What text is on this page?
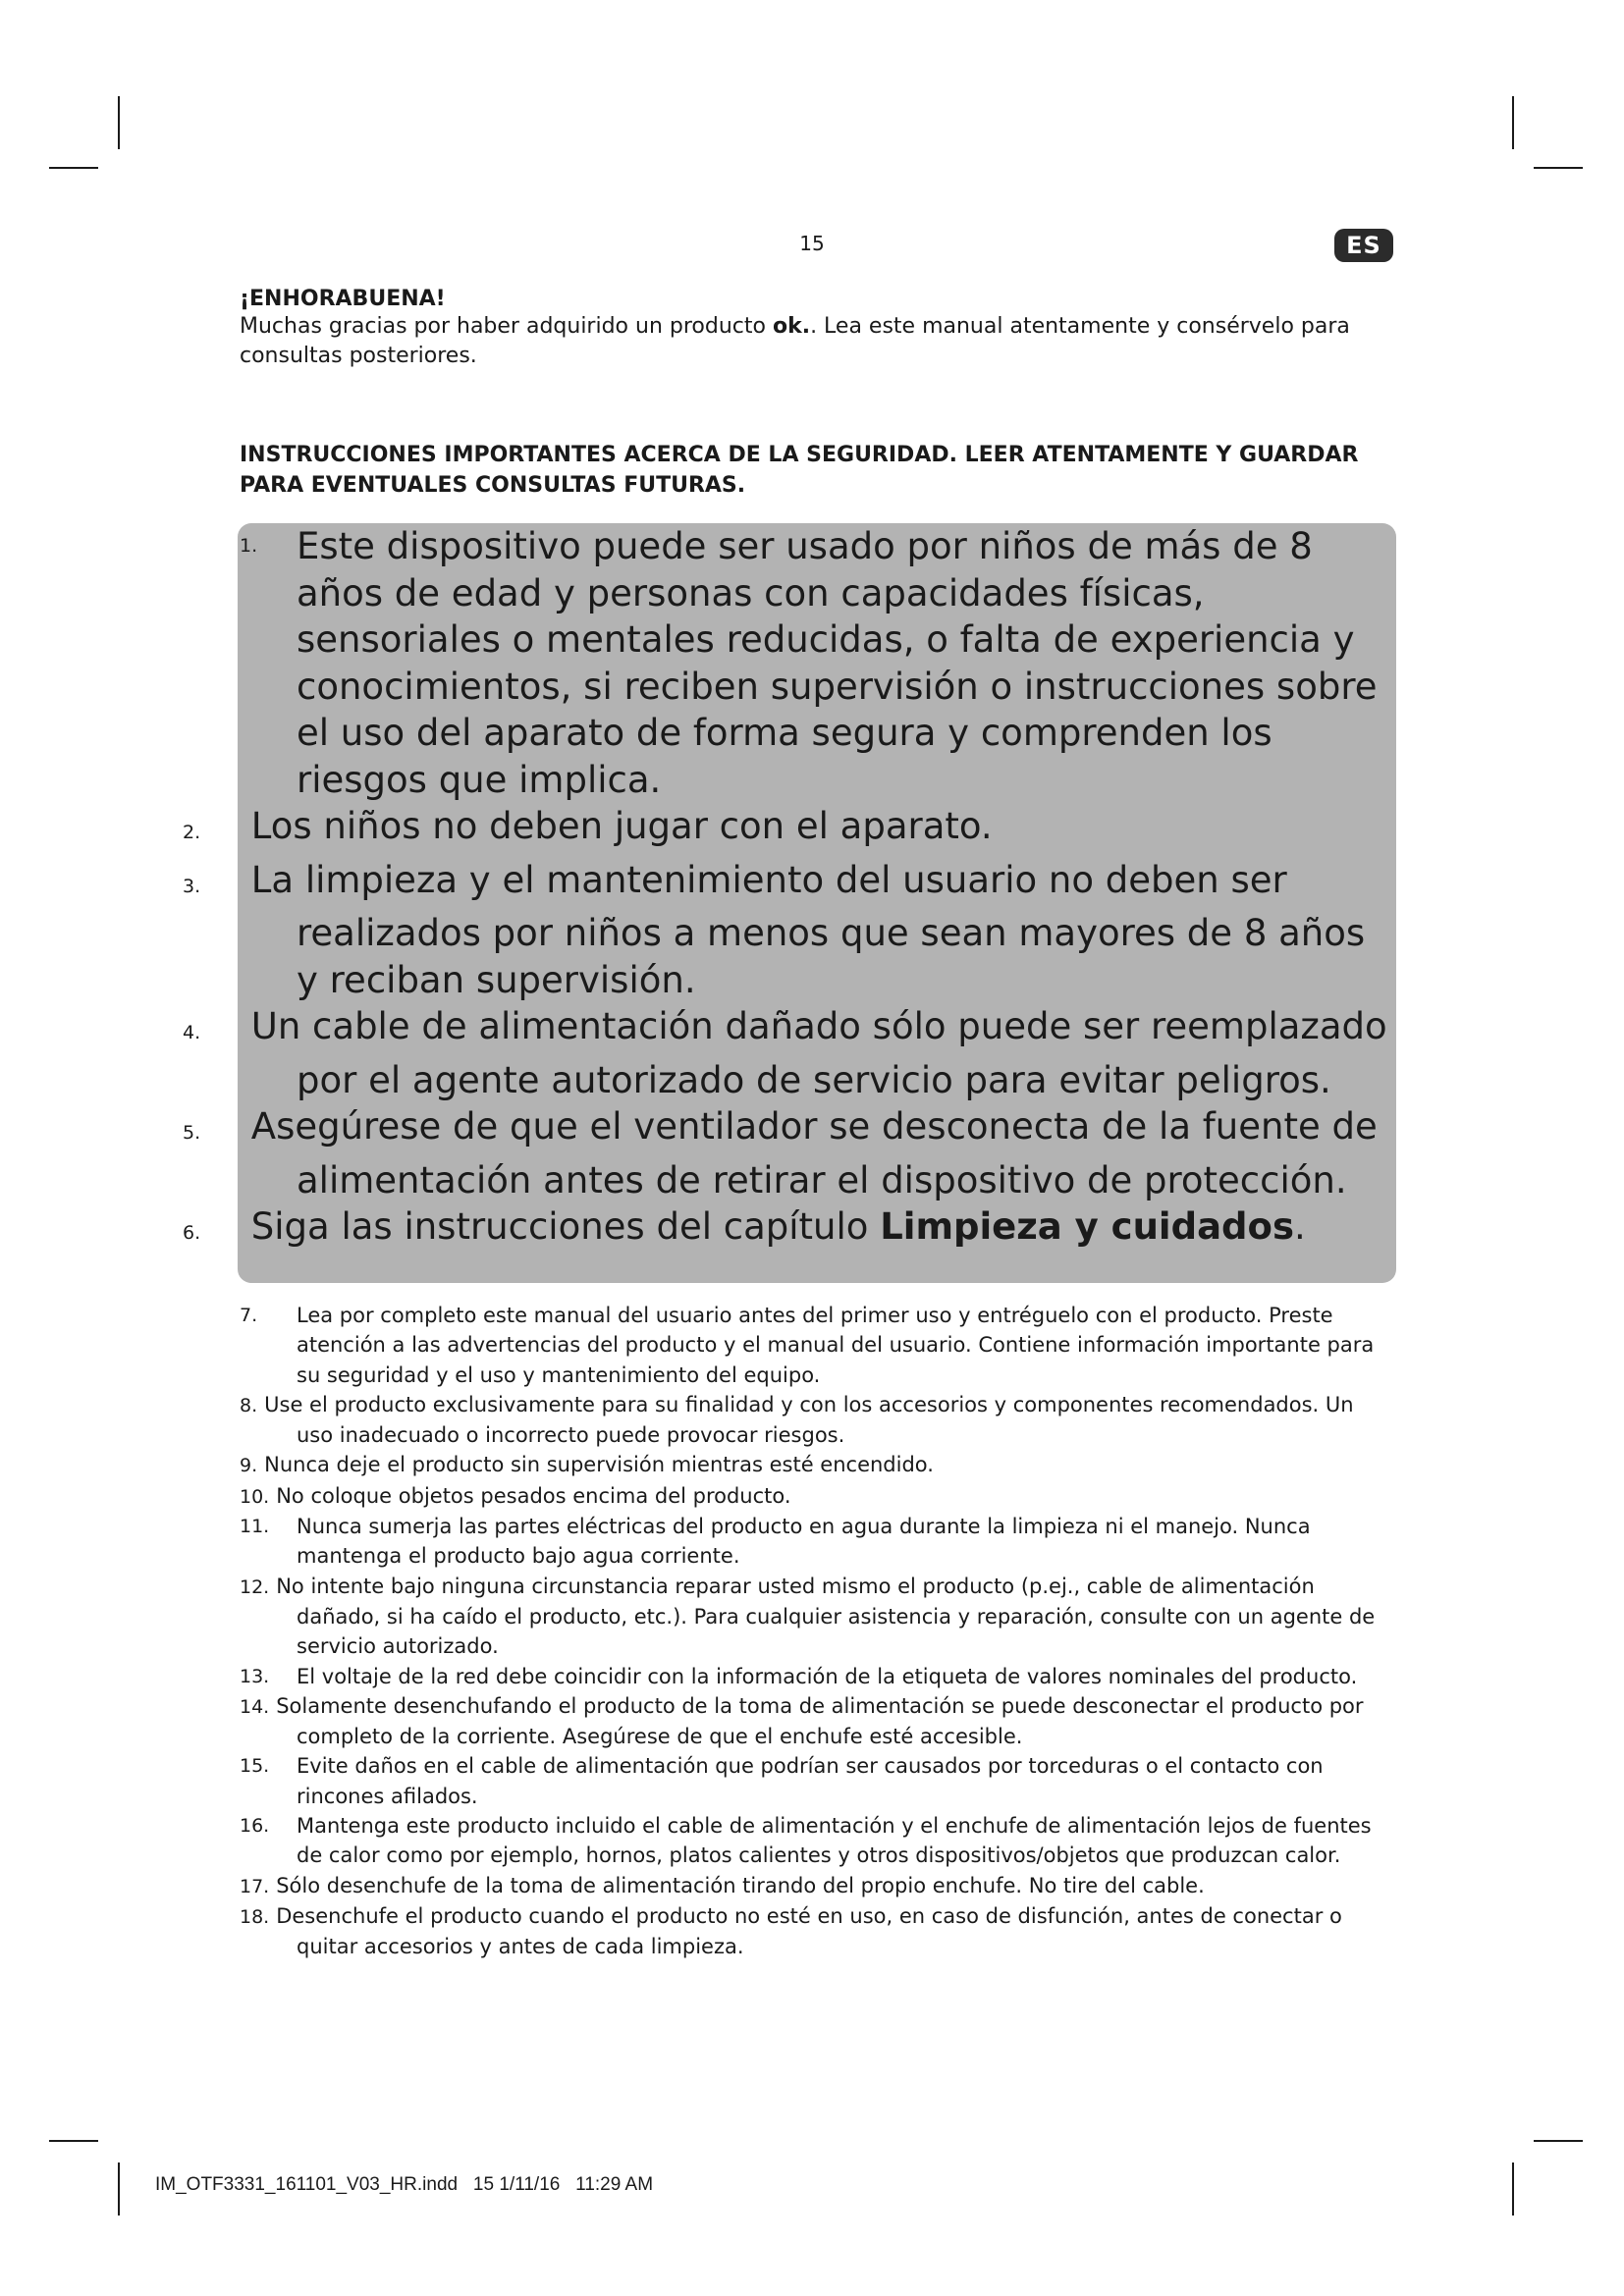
15	ES
¡ENHORABUENA!
Muchas gracias por haber adquirido un producto ok.. Lea este manual atentamente y consérvelo para consultas posteriores.
INSTRUCCIONES IMPORTANTES ACERCA DE LA SEGURIDAD. LEER ATENTAMENTE Y GUARDAR PARA EVENTUALES CONSULTAS FUTURAS.
1. Este dispositivo puede ser usado por niños de más de 8 años de edad y personas con capacidades físicas, sensoriales o mentales reducidas, o falta de experiencia y conocimientos, si reciben supervisión o instrucciones sobre el uso del aparato de forma segura y comprenden los riesgos que implica.
2. Los niños no deben jugar con el aparato.
3. La limpieza y el mantenimiento del usuario no deben ser realizados por niños a menos que sean mayores de 8 años y reciban supervisión.
4. Un cable de alimentación dañado sólo puede ser reemplazado por el agente autorizado de servicio para evitar peligros.
5. Asegúrese de que el ventilador se desconecta de la fuente de alimentación antes de retirar el dispositivo de protección.
6. Siga las instrucciones del capítulo Limpieza y cuidados.
7. Lea por completo este manual del usuario antes del primer uso y entréguelo con el producto. Preste atención a las advertencias del producto y el manual del usuario. Contiene información importante para su seguridad y el uso y mantenimiento del equipo.
8. Use el producto exclusivamente para su finalidad y con los accesorios y componentes recomendados. Un uso inadecuado o incorrecto puede provocar riesgos.
9. Nunca deje el producto sin supervisión mientras esté encendido.
10. No coloque objetos pesados encima del producto.
11. Nunca sumerja las partes eléctricas del producto en agua durante la limpieza ni el manejo. Nunca mantenga el producto bajo agua corriente.
12. No intente bajo ninguna circunstancia reparar usted mismo el producto (p.ej., cable de alimentación dañado, si ha caído el producto, etc.). Para cualquier asistencia y reparación, consulte con un agente de servicio autorizado.
13. El voltaje de la red debe coincidir con la información de la etiqueta de valores nominales del producto.
14. Solamente desenchufando el producto de la toma de alimentación se puede desconectar el producto por completo de la corriente. Asegúrese de que el enchufe esté accesible.
15. Evite daños en el cable de alimentación que podrían ser causados por torceduras o el contacto con rincones afilados.
16. Mantenga este producto incluido el cable de alimentación y el enchufe de alimentación lejos de fuentes de calor como por ejemplo, hornos, platos calientes y otros dispositivos/objetos que produzcan calor.
17. Sólo desenchufe de la toma de alimentación tirando del propio enchufe. No tire del cable.
18. Desenchufe el producto cuando el producto no esté en uso, en caso de disfunción, antes de conectar o quitar accesorios y antes de cada limpieza.
IM_OTF3331_161101_V03_HR.indd 15 1/11/16 11:29 AM
